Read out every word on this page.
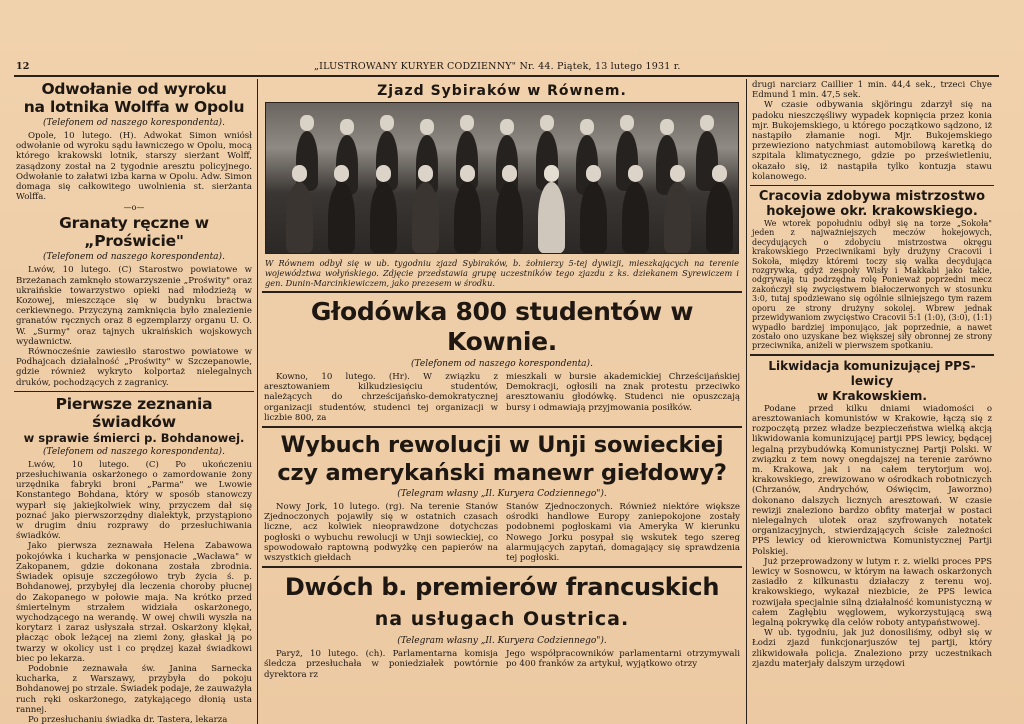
12	„ILUSTROWANY KURYER CODZIENNY" Nr. 44. Piątek, 13 lutego 1931 r.
Odwołanie od wyroku
na lotnika Wolffa w Opolu

(Telefonem od naszego korespondenta).

Opole, 10 lutego. (H). Adwokat Simon wniósł odwołanie od wyroku sądu ławniczego w Opolu, mocą którego krakowski lotnik, starszy sierżant Wolff, zasądzony został na 2 tygodnie aresztu policyjnego. Odwołanie to załatwi izba karna w Opolu. Adw. Simon domaga się całkowitego uwolnienia st. sierżanta Wolffa.

—o—

Granaty ręczne w „Proświcie"

(Telefonem od naszego korespondenta).

Lwów, 10 lutego. (C) Starostwo powiatowe w Brzeżanach zamknęło stowarzyszenie „Proświty" oraz ukraińskie towarzystwo opieki nad młodzieżą w Kozowej, mieszczące się w budynku bractwa cerkiewnego. Przyczyną zamknięcia było znalezienie granatów ręcznych oraz 8 egzemplarzy organu U. O. W. „Surmy" oraz tajnych ukraińskich wojskowych wydawnictw.

Równocześnie zawiesiło starostwo powiatowe w Podhajcach działalność „Proświty" w Szczepanowie, gdzie również wykryto kolportaż nielegalnych druków, pochodzących z zagranicy.

Pierwsze zeznania świadków

w sprawie śmierci p. Bohdanowej.

(Telefonem od naszego korespondenta).

Lwów, 10 lutego. (C) Po ukończeniu przesłuchiwania oskarżonego o zamordowanie żony urzędnika fabryki broni „Parma" we Lwowie Konstantego Bohdana, który w sposób stanowczy wyparł się jakiejkolwiek winy, przyczem dał się poznać jako pierwszorzędny dialektyk, przystąpiono w drugim dniu rozprawy do przesłuchiwania świadków.

Jako pierwsza zeznawała Helena Zabawowa pokojówka i kucharka w pensjonacie „Wacława" w Zakopanem, gdzie dokonana została zbrodnia. Świadek opisuje szczegółowo tryb życia ś. p. Bohdanowej, przybyłej dla leczenia choroby płucnej do Zakopanego w połowie maja. Na krótko przed śmiertelnym strzałem widziała oskarżonego, wychodzącego na werandę. W owej chwili wyszła na korytarz i zaraz usłyszała strzał. Oskarżony klękał, płacząc obok leżącej na ziemi żony, głaskał ją po twarzy w okolicy ust i co prędzej kazał świadkowi biec po lekarza.

Podobnie zeznawała św. Janina Sarnecka kucharka, z Warszawy, przybyła do pokoju Bohdanowej po strzale. Świadek podaje, że zauważyła ruch ręki oskarżonego, zatykającego dłonią usta rannej.

Po przesłuchaniu świadka dr. Tastera, lekarza

Zjazd Sybiraków w Równem.

W Równem odbył się w ub. tygodniu zjazd Sybiraków, b. żołnierzy 5-tej dywizji, mieszkających na terenie województwa wołyńskiego. Zdjęcie przedstawia grupę uczestników tego zjazdu z ks. dziekanem Syrewiczem i gen. Dunin-Marcinkiewiczem, jako prezesem w środku.

Głodówka 800 studentów w Kownie.

(Telefonem od naszego korespondenta).

Kowno, 10 lutego. (Hr). W związku z aresztowaniem kilkudziesięciu studentów, należących do chrześcijańsko-demokratycznej organizacji studentów, studenci tej organizacji w liczbie 800, za

mieszkali w bursie akademickiej Chrześcijańskiej Demokracji, ogłosili na znak protestu przeciwko aresztowaniu głodówkę. Studenci nie opuszczają bursy i odmawiają przyjmowania posiłków.

Wybuch rewolucji w Unji sowieckiej
czy amerykański manewr giełdowy?

(Telegram własny „Il. Kuryera Codziennego").

Nowy Jork, 10 lutego. (rg). Na terenie Stanów Zjednoczonych pojawiły się w ostatnich czasach liczne, acz kolwiek nieoprawdzone dotychczas pogłoski o wybuchu rewolucji w Unji sowieckiej, co spowodowało raptowną podwyżkę cen papierów na wszystkich giełdach

Stanów Zjednoczonych. Również niektóre większe ośrodki handlowe Europy zaniepokojone zostały podobnemi pogłoskami via Ameryka W kierunku Nowego Jorku posypał się wskutek tego szereg alarmujących zapytań, domagający się sprawdzenia tej pogłoski.

Dwóch b. premierów francuskich
na usługach Oustrica.

(Telegram własny „Il. Kuryera Codziennego").

Paryż, 10 lutego. (ch). Parlamentarna komisja śledcza przesłuchała w poniedziałek powtórnie dyrektora rz

Jego współpracowników parlamentarni otrzymywali po 400 franków za artykuł, wyjątkowo otrzy

drugi narciarz Caillier 1 min. 44,4 sek., trzeci Chye Edmund 1 min. 47,5 sek.

W czasie odbywania skjöringu zdarzył się na padoku nieszczęśliwy wypadek kopnięcia przez konia mjr. Bukojemskiego, u którego początkowo sądzono, iż nastąpiło złamanie nogi. Mjr. Bukojemskiego przewieziono natychmiast automobilową karetką do szpitala klimatycznego, gdzie po prześwietleniu, okazało się, iż nastąpiła tylko kontuzja stawu kolanowego.

Cracovia zdobywa mistrzostwo
hokejowe okr. krakowskiego.

We wtorek popołudniu odbył się na torze „Sokoła" jeden z najważniejszych meczów hokejowych, decydujących o zdobyciu mistrzostwa okręgu krakowskiego Przeciwnikami były drużyny Cracovii i Sokoła, między któremi toczy się walka decydująca rozgrywka, gdyż zespoły Wisły i Makkabi jako takie, odgrywają tu podrzędna rolę Ponieważ poprzedni mecz zakończył się zwycięstwem białoczerwonych w stosunku 3:0, tutaj spodziewano się ogólnie silniejszego tym razem oporu ze strony drużyny sokolej. Wbrew jednak przewidywaniom zwycięstwo Cracovii 5:1 (1:0), (3:0), (1:1) wypadło bardziej imponująco, jak poprzednie, a nawet zostało ono uzyskane bez większej siły obronnej ze strony przeciwnika, aniżeli w pierwszem spotkaniu.

Likwidacja komunizującej PPS-lewicy
w Krakowskiem.

Podane przed kilku dniami wiadomości o aresztowaniach komunistów w Krakowie, łączą się z rozpoczętą przez władze bezpieczeństwa wielką akcją likwidowania komunizującej partji PPS lewicy, będącej legalną przybudówką Komunistycznej Partji Polski. W związku z tem nowy onegdajszej na terenie zarówno m. Krakowa, jak i na całem terytorjum woj. krakowskiego, zrewizowano w ośrodkach robotniczych (Chrzanów, Andrychów, Oświęcim, Jaworzno) dokonano dalszych licznych aresztowań. W czasie rewizji znaleziono bardzo obfity materjał w postaci nielegalnych ulotek oraz szyfrowanych notatek organizacyjnych, stwierdzających ścisłe zależności PPS lewicy od kierownictwa Komunistycznej Partji Polskiej.

Już przeprowadzony w lutym r. z. wielki proces PPS lewicy w Sosnowcu, w którym na ławach oskarżonych zasiadło z kilkunastu działaczy z terenu woj. krakowskiego, wykazał niezbicie, że PPS lewica rozwijała specjalnie silną działalność komunistyczną w całem Zagłębiu węglowem, wykorzystującą swą legalną pokrywkę dla celów roboty antypaństwowej.

W ub. tygodniu, jak już donosiliśmy, odbył się w Łodzi zjazd funkcjonarjuszów tej partji, który zlikwidowała policja. Znaleziono przy uczestnikach zjazdu materjały dalszym urzędowi
